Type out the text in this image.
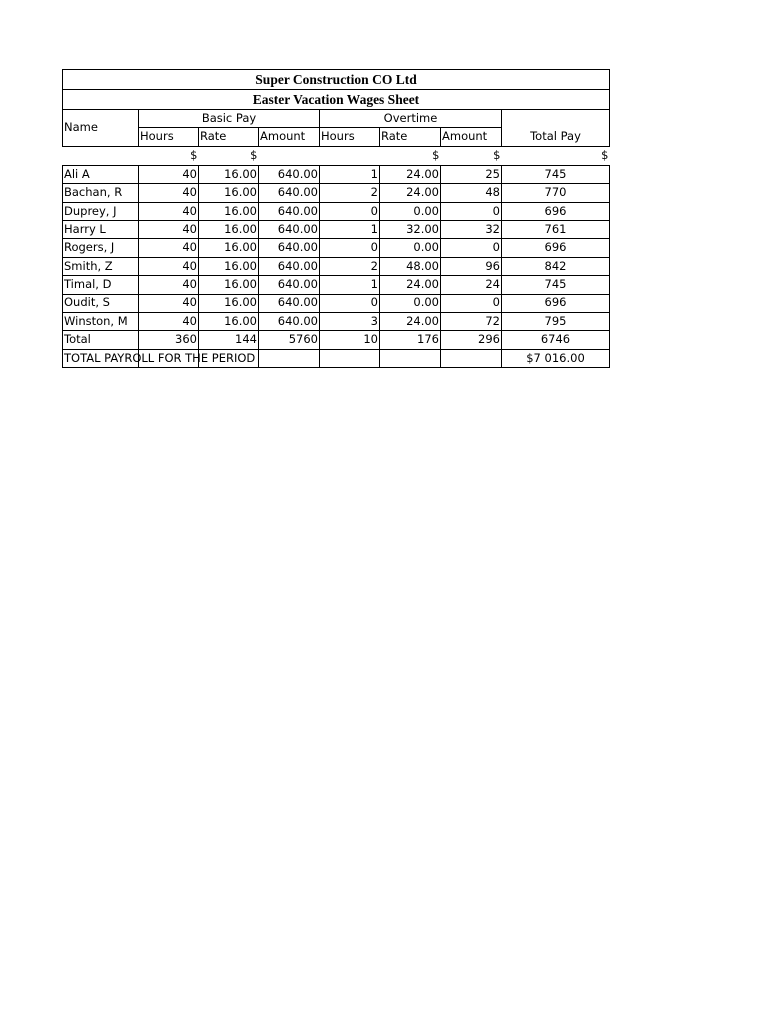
Super Construction CO Ltd							
Easter Vacation Wages Sheet							
Name	Basic Pay			Overtime			
	Hours	Rate	Amount	Hours	Rate	Amount	Total Pay
	$	$			$	$	$
Ali A	40	16.00	640.00	1	24.00	25	745
Bachan, R	40	16.00	640.00	2	24.00	48	770
Duprey, J	40	16.00	640.00	0	0.00	0	696
Harry L	40	16.00	640.00	1	32.00	32	761
Rogers, J	40	16.00	640.00	0	0.00	0	696
Smith, Z	40	16.00	640.00	2	48.00	96	842
Timal, D	40	16.00	640.00	1	24.00	24	745
Oudit, S	40	16.00	640.00	0	0.00	0	696
Winston, M	40	16.00	640.00	3	24.00	72	795
Total	360	144	5760	10	176	296	6746

TOTAL PAYROLL FOR THE PERIOD							$7 016.00
